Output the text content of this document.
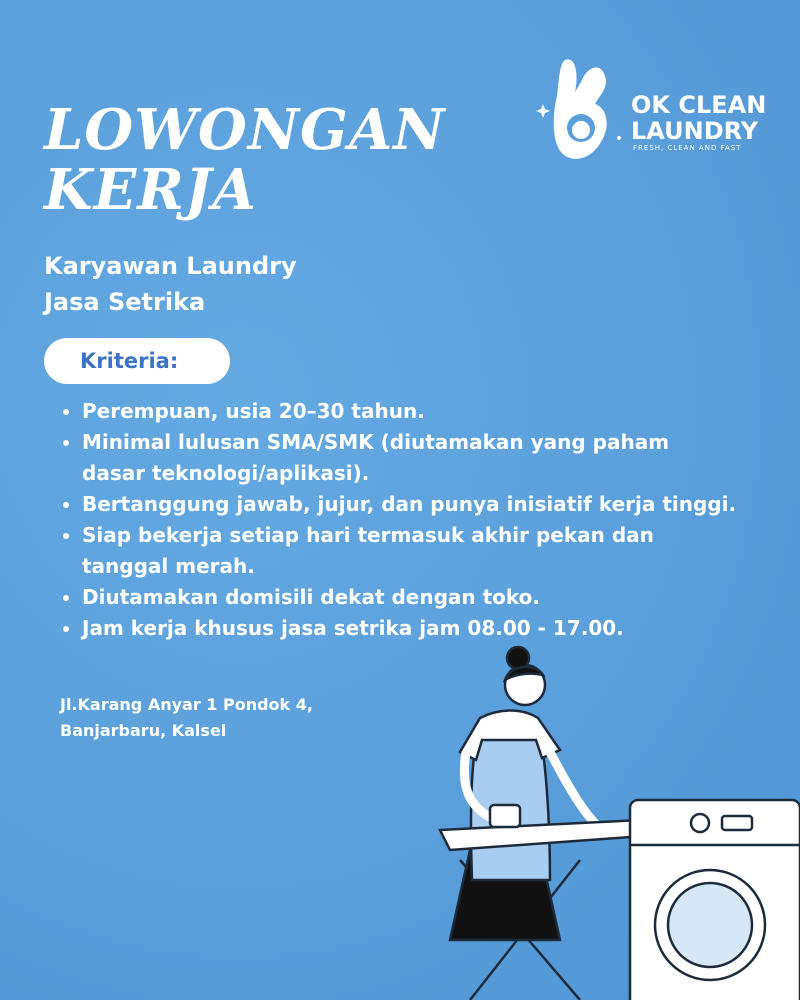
OK CLEAN
LAUNDRY
FRESH, CLEAN AND FAST
LOWONGAN
KERJA
Karyawan Laundry
Jasa Setrika
Kriteria:
• Perempuan, usia 20–30 tahun.
• Minimal lulusan SMA/SMK (diutamakan yang paham dasar teknologi/aplikasi).
• Bertanggung jawab, jujur, dan punya inisiatif kerja tinggi.
• Siap bekerja setiap hari termasuk akhir pekan dan tanggal merah.
• Diutamakan domisili dekat dengan toko.
• Jam kerja khusus jasa setrika jam 08.00 - 17.00.
Jl.Karang Anyar 1 Pondok 4,
Banjarbaru, Kalsel
